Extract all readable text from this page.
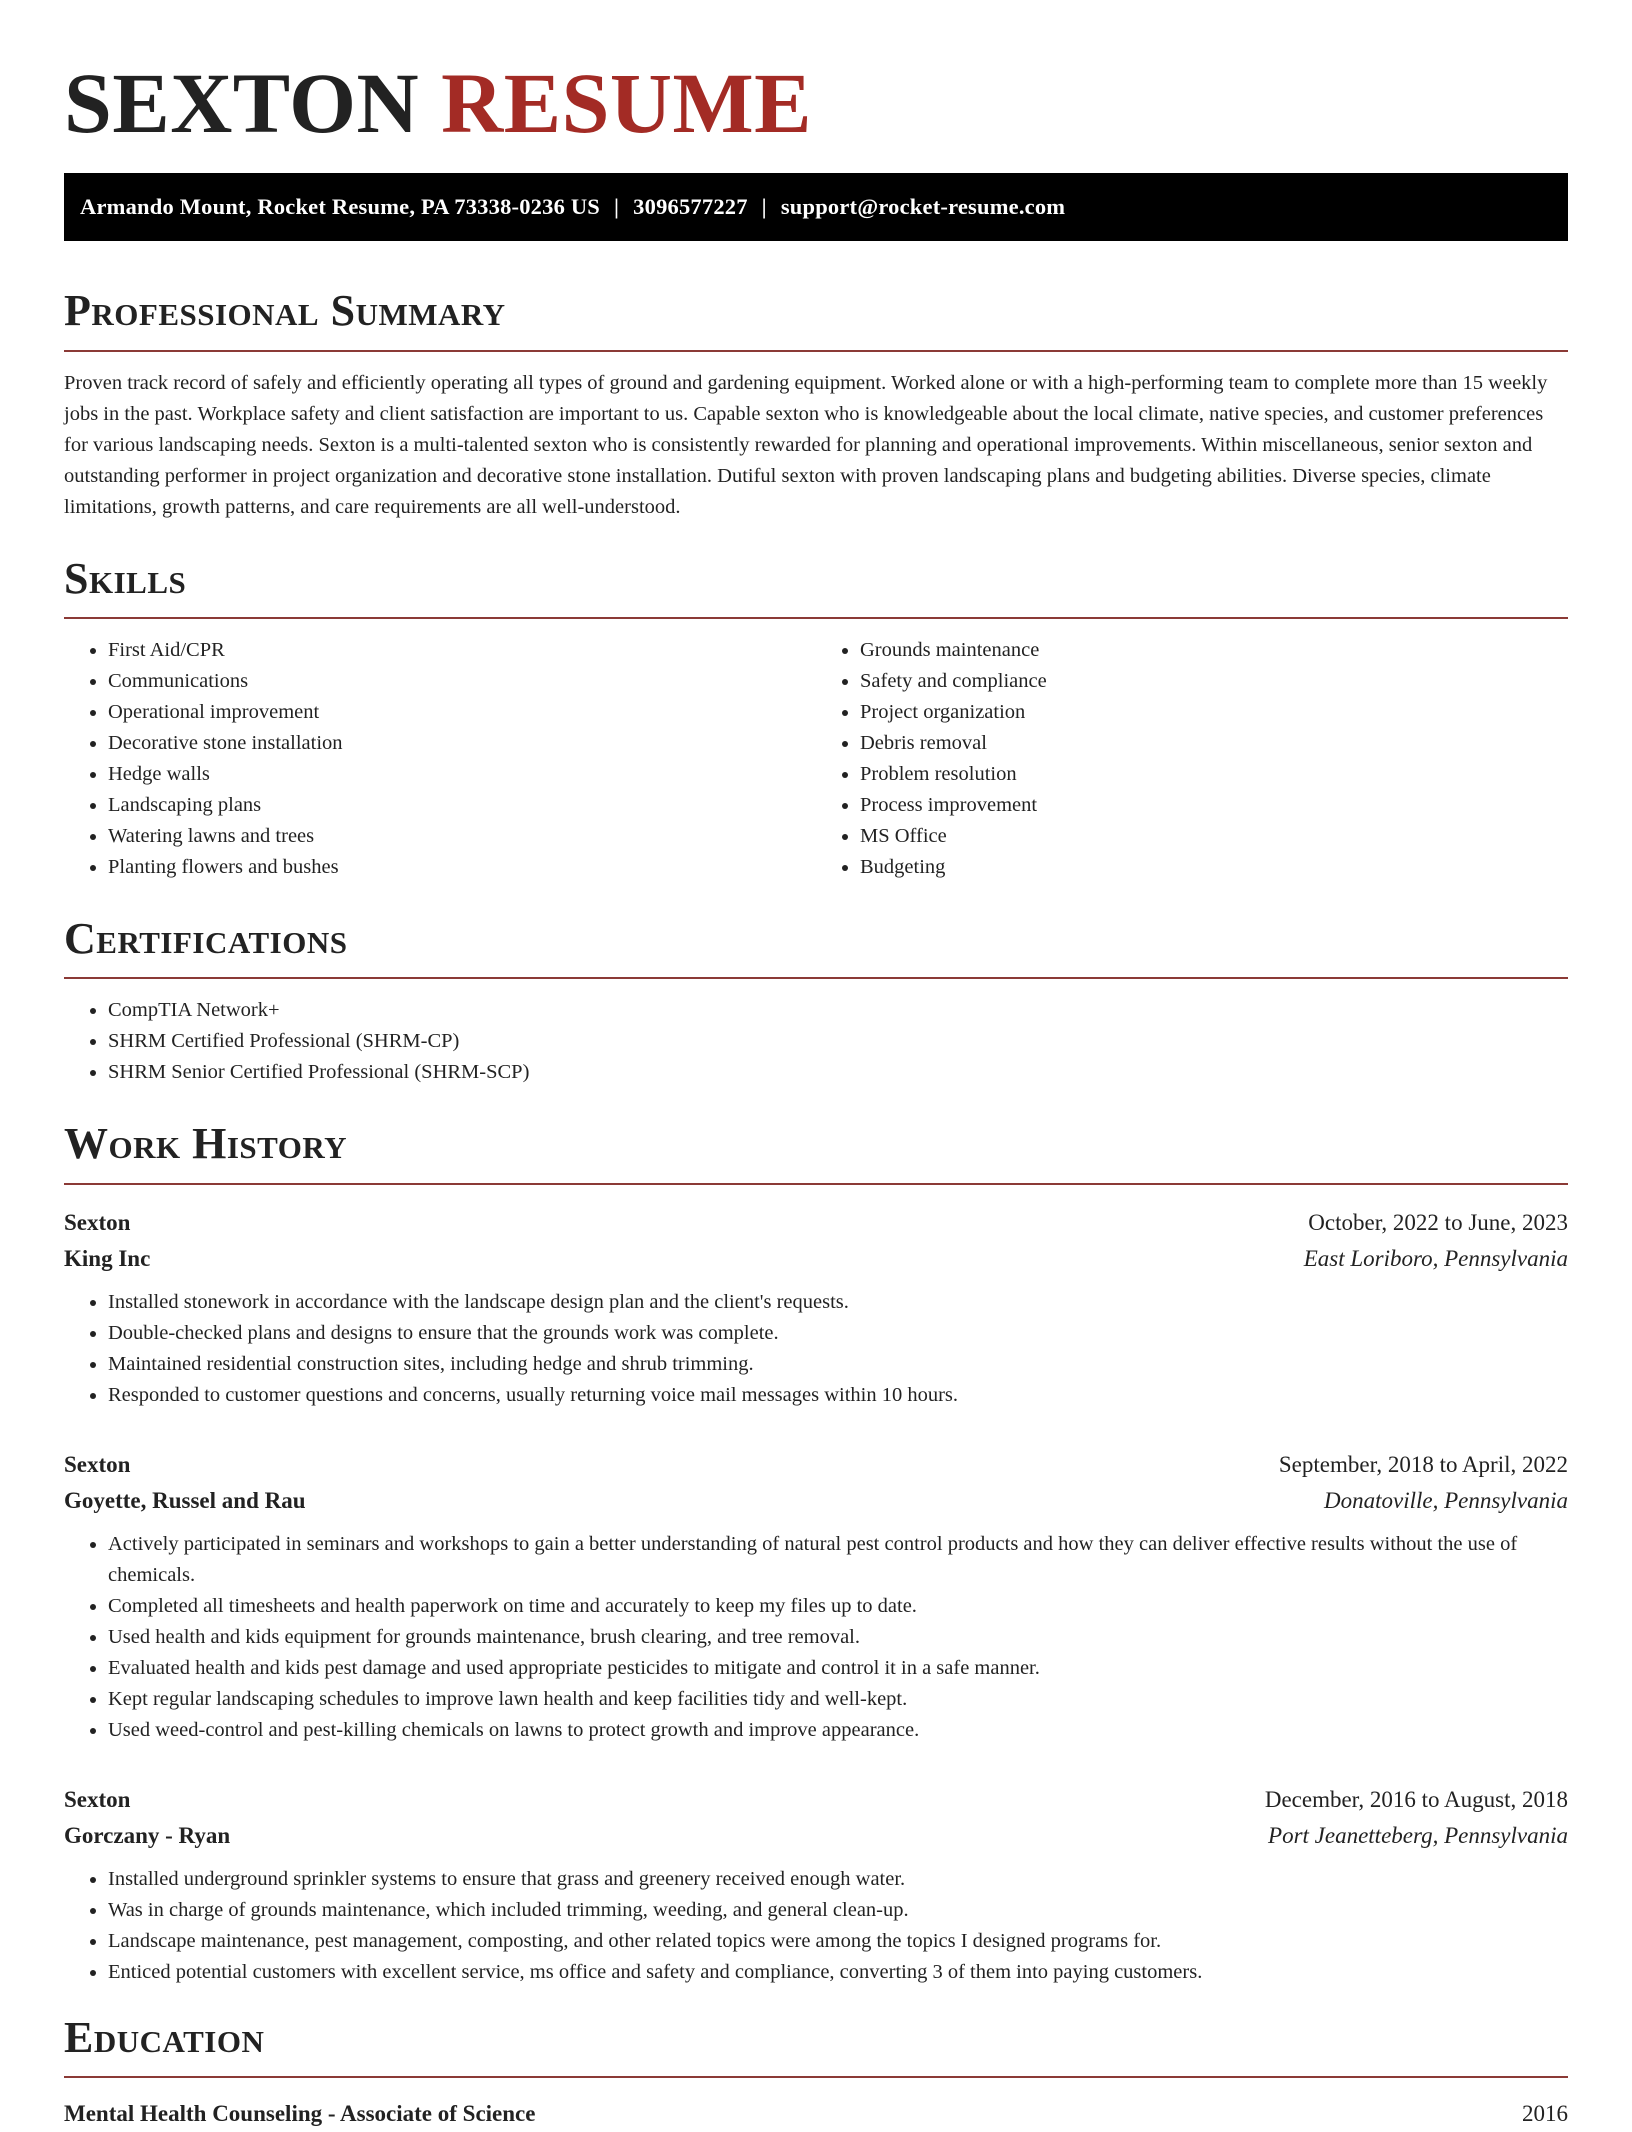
SEXTON RESUME
Armando Mount, Rocket Resume, PA 73338-0236 US | 3096577227 | support@rocket-resume.com
Professional Summary

Proven track record of safely and efficiently operating all types of ground and gardening equipment. Worked alone or with a high-performing team to complete more than 15 weekly jobs in the past. Workplace safety and client satisfaction are important to us. Capable sexton who is knowledgeable about the local climate, native species, and customer preferences for various landscaping needs. Sexton is a multi-talented sexton who is consistently rewarded for planning and operational improvements. Within miscellaneous, senior sexton and outstanding performer in project organization and decorative stone installation. Dutiful sexton with proven landscaping plans and budgeting abilities. Diverse species, climate limitations, growth patterns, and care requirements are all well-understood.

Skills
• First Aid/CPR
• Communications
• Operational improvement
• Decorative stone installation
• Hedge walls
• Landscaping plans
• Watering lawns and trees
• Planting flowers and bushes
• Grounds maintenance
• Safety and compliance
• Project organization
• Debris removal
• Problem resolution
• Process improvement
• MS Office
• Budgeting
Certifications
• CompTIA Network+
• SHRM Certified Professional (SHRM-CP)
• SHRM Senior Certified Professional (SHRM-SCP)
Work History
Sexton	October, 2022 to June, 2023
King Inc	East Loriboro, Pennsylvania
• Installed stonework in accordance with the landscape design plan and the client's requests.
• Double-checked plans and designs to ensure that the grounds work was complete.
• Maintained residential construction sites, including hedge and shrub trimming.
• Responded to customer questions and concerns, usually returning voice mail messages within 10 hours.
Sexton	September, 2018 to April, 2022
Goyette, Russel and Rau	Donatoville, Pennsylvania
• Actively participated in seminars and workshops to gain a better understanding of natural pest control products and how they can deliver effective results without the use of chemicals.
• Completed all timesheets and health paperwork on time and accurately to keep my files up to date.
• Used health and kids equipment for grounds maintenance, brush clearing, and tree removal.
• Evaluated health and kids pest damage and used appropriate pesticides to mitigate and control it in a safe manner.
• Kept regular landscaping schedules to improve lawn health and keep facilities tidy and well-kept.
• Used weed-control and pest-killing chemicals on lawns to protect growth and improve appearance.
Sexton	December, 2016 to August, 2018
Gorczany - Ryan	Port Jeanetteberg, Pennsylvania
• Installed underground sprinkler systems to ensure that grass and greenery received enough water.
• Was in charge of grounds maintenance, which included trimming, weeding, and general clean-up.
• Landscape maintenance, pest management, composting, and other related topics were among the topics I designed programs for.
• Enticed potential customers with excellent service, ms office and safety and compliance, converting 3 of them into paying customers.
Education
Mental Health Counseling - Associate of Science	2016
